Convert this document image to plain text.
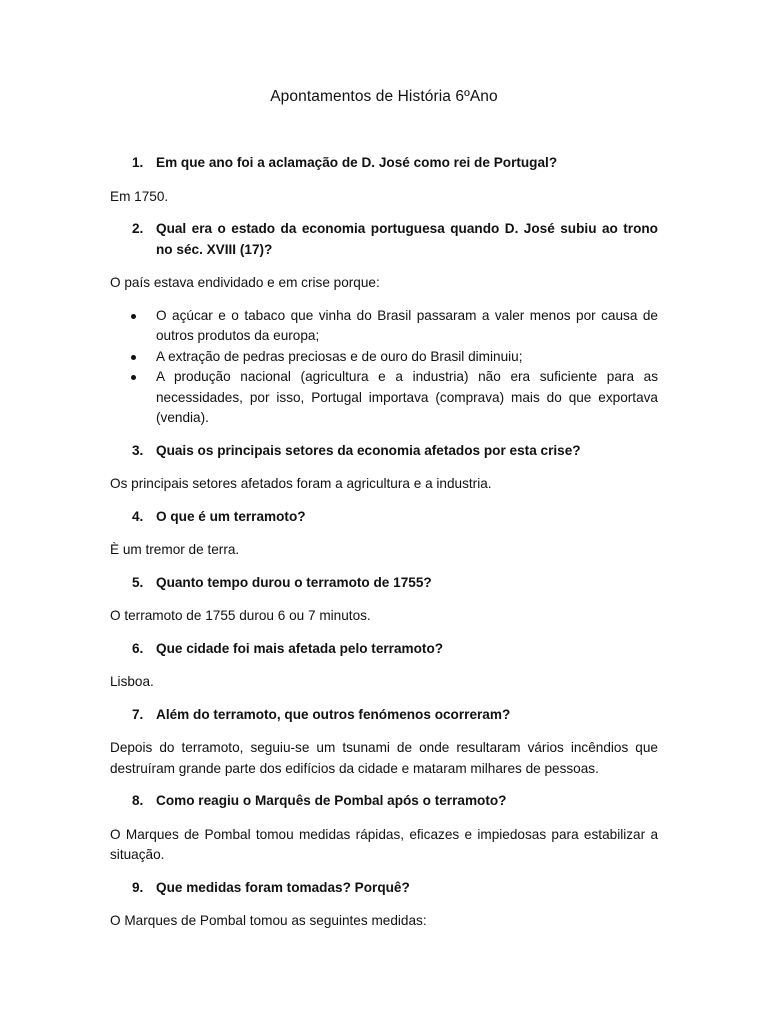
Apontamentos de História 6ºAno
1. Em que ano foi a aclamação de D. José como rei de Portugal?

Em 1750.

2. Qual era o estado da economia portuguesa quando D. José subiu ao trono no séc. XVIII (17)?

O país estava endividado e em crise porque:

O açúcar e o tabaco que vinha do Brasil passaram a valer menos por causa de outros produtos da europa;
A extração de pedras preciosas e de ouro do Brasil diminuiu;
A produção nacional (agricultura e a industria) não era suficiente para as necessidades, por isso, Portugal importava (comprava) mais do que exportava (vendia).
3. Quais os principais setores da economia afetados por esta crise?

Os principais setores afetados foram a agricultura e a industria.

4. O que é um terramoto?

È um tremor de terra.

5. Quanto tempo durou o terramoto de 1755?

O terramoto de 1755 durou 6 ou 7 minutos.

6. Que cidade foi mais afetada pelo terramoto?

Lisboa.

7. Além do terramoto, que outros fenómenos ocorreram?

Depois do terramoto, seguiu-se um tsunami de onde resultaram vários incêndios que destruíram grande parte dos edifícios da cidade e mataram milhares de pessoas.

8. Como reagiu o Marquês de Pombal após o terramoto?

O Marques de Pombal tomou medidas rápidas, eficazes e impiedosas para estabilizar a situação.

9. Que medidas foram tomadas? Porquê?

O Marques de Pombal tomou as seguintes medidas:
